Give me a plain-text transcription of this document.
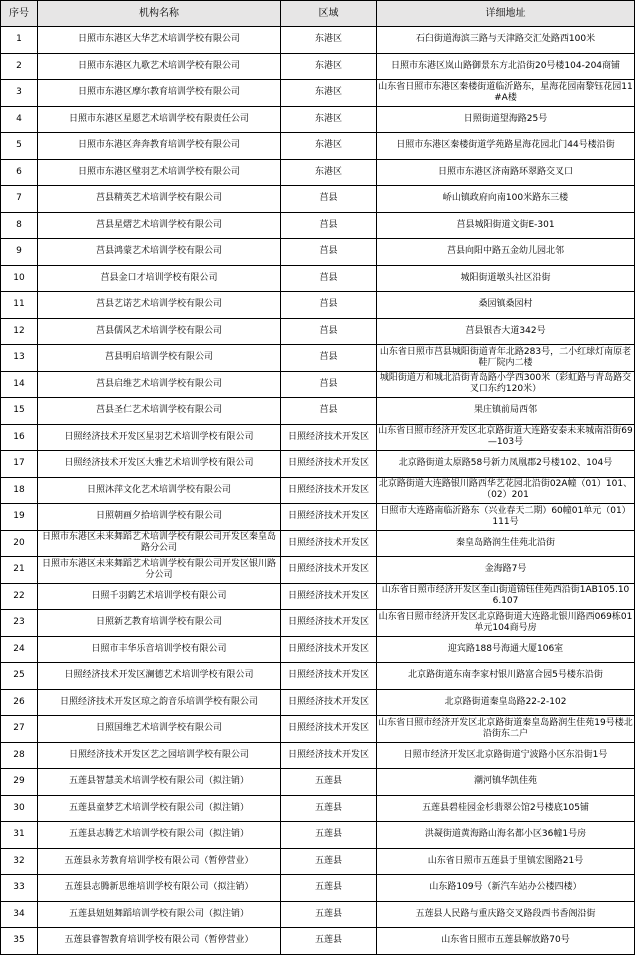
序号	机构名称	区域	详细地址
1	日照市东港区大华艺术培训学校有限公司	东港区	石臼街道海滨三路与天津路交汇处路西100米
2	日照市东港区九歌艺术培训学校有限公司	东港区	日照市东港区岚山路御景东方北沿街20号楼104-204商铺
3	日照市东港区摩尔教育培训学校有限公司	东港区	山东省日照市东港区秦楼街道临沂路东，星海花园南黎钰花园11#A楼
4	日照市东港区星愿艺术培训学校有限责任公司	东港区	日照街道望海路25号
5	日照市东港区奔奔教育培训学校有限公司	东港区	日照市东港区秦楼街道学苑路星海花园北门44号楼沿街
6	日照市东港区璧羽艺术培训学校有限公司	东港区	日照市东港区济南路环翠路交叉口
7	莒县精英艺术培训学校有限公司	莒县	峤山镇政府向南100米路东三楼
8	莒县星熠艺术培训学校有限公司	莒县	莒县城阳街道文街E-301
9	莒县鸿蒙艺术培训学校有限公司	莒县	莒县向阳中路五金幼儿园北邻
10	莒县金口才培训学校有限公司	莒县	城阳街道墩头社区沿街
11	莒县艺诺艺术培训学校有限公司	莒县	桑园镇桑园村
12	莒县儒风艺术培训学校有限公司	莒县	莒县银杏大道342号
13	莒县明启培训学校有限公司	莒县	山东省日照市莒县城阳街道青年北路283号，二小红球灯南原老鞋厂院内二楼
14	莒县启维艺术培训学校有限公司	莒县	城阳街道万和城北沿街青岛路小学西300米（彩虹路与青岛路交叉口东约120米）
15	莒县圣仁艺术培训学校有限公司	莒县	果庄镇前局西邻
16	日照经济技术开发区星羽艺术培训学校有限公司	日照经济技术开发区	山东省日照市经济开发区北京路街道大连路安泰未来城南沿街69—103号
17	日照经济技术开发区大雅艺术培训学校有限公司	日照经济技术开发区	北京路街道太原路58号新力凤凰郡2号楼102、104号
18	日照沐萍文化艺术培训学校有限公司	日照经济技术开发区	北京路街道大连路银川路西华艺花园北沿街02A幢（01）101、（02）201
19	日照朝画夕拾培训学校有限公司	日照经济技术开发区	日照市大连路南临沂路东（兴业春天二期）60幢01单元（01）111号
20	日照市东港区未来舞蹈艺术培训学校有限公司开发区秦皇岛路分公司	日照经济技术开发区	秦皇岛路润生佳苑北沿街
21	日照市东港区未来舞蹈艺术培训学校有限公司开发区银川路分公司	日照经济技术开发区	金海路7号
22	日照千羽鹤艺术培训学校有限公司	日照经济技术开发区	山东省日照市经济开发区奎山街道锦钰佳苑西沿街1AB105.106.107
23	日照新艺教育培训学校有限公司	日照经济技术开发区	山东省日照市经济开发区北京路街道大连路北银川路西069栋01单元104商号房
24	日照市丰华乐音培训学校有限公司	日照经济技术开发区	迎宾路188号海通大厦106室
25	日照经济技术开发区澜德艺术培训学校有限公司	日照经济技术开发区	北京路街道东南李家村银川路富合园5号楼东沿街
26	日照经济技术开发区琼之韵音乐培训学校有限公司	日照经济技术开发区	北京路街道秦皇岛路22-2-102
27	日照国维艺术培训学校有限公司	日照经济技术开发区	山东省日照市经济开发区北京路街道秦皇岛路润生佳苑19号楼北沿街东二户
28	日照经济技术开发区艺之园培训学校有限公司	日照经济技术开发区	日照市经济开发区北京路街道宁波路小区东沿街1号
29	五莲县智慧美术培训学校有限公司（拟注销）	五莲县	潮河镇华凯佳苑
30	五莲县童梦艺术培训学校有限公司（拟注销）	五莲县	五莲县碧桂园金杉翡翠公馆2号楼底105铺
31	五莲县志腾艺术培训学校有限公司（拟注销）	五莲县	洪凝街道黄海路山海名都小区36幢1号房
32	五莲县永芳教育培训学校有限公司（暂停营业）	五莲县	山东省日照市五莲县于里镇宏图路21号
33	五莲县志腾新思维培训学校有限公司（拟注销）	五莲县	山东路109号（新汽车站办公楼四楼）
34	五莲县妞妞舞蹈培训学校有限公司（拟注销）	五莲县	五莲县人民路与重庆路交叉路段西书香阁沿街
35	五莲县睿智教育培训学校有限公司（暂停营业）	五莲县	山东省日照市五莲县解放路70号
